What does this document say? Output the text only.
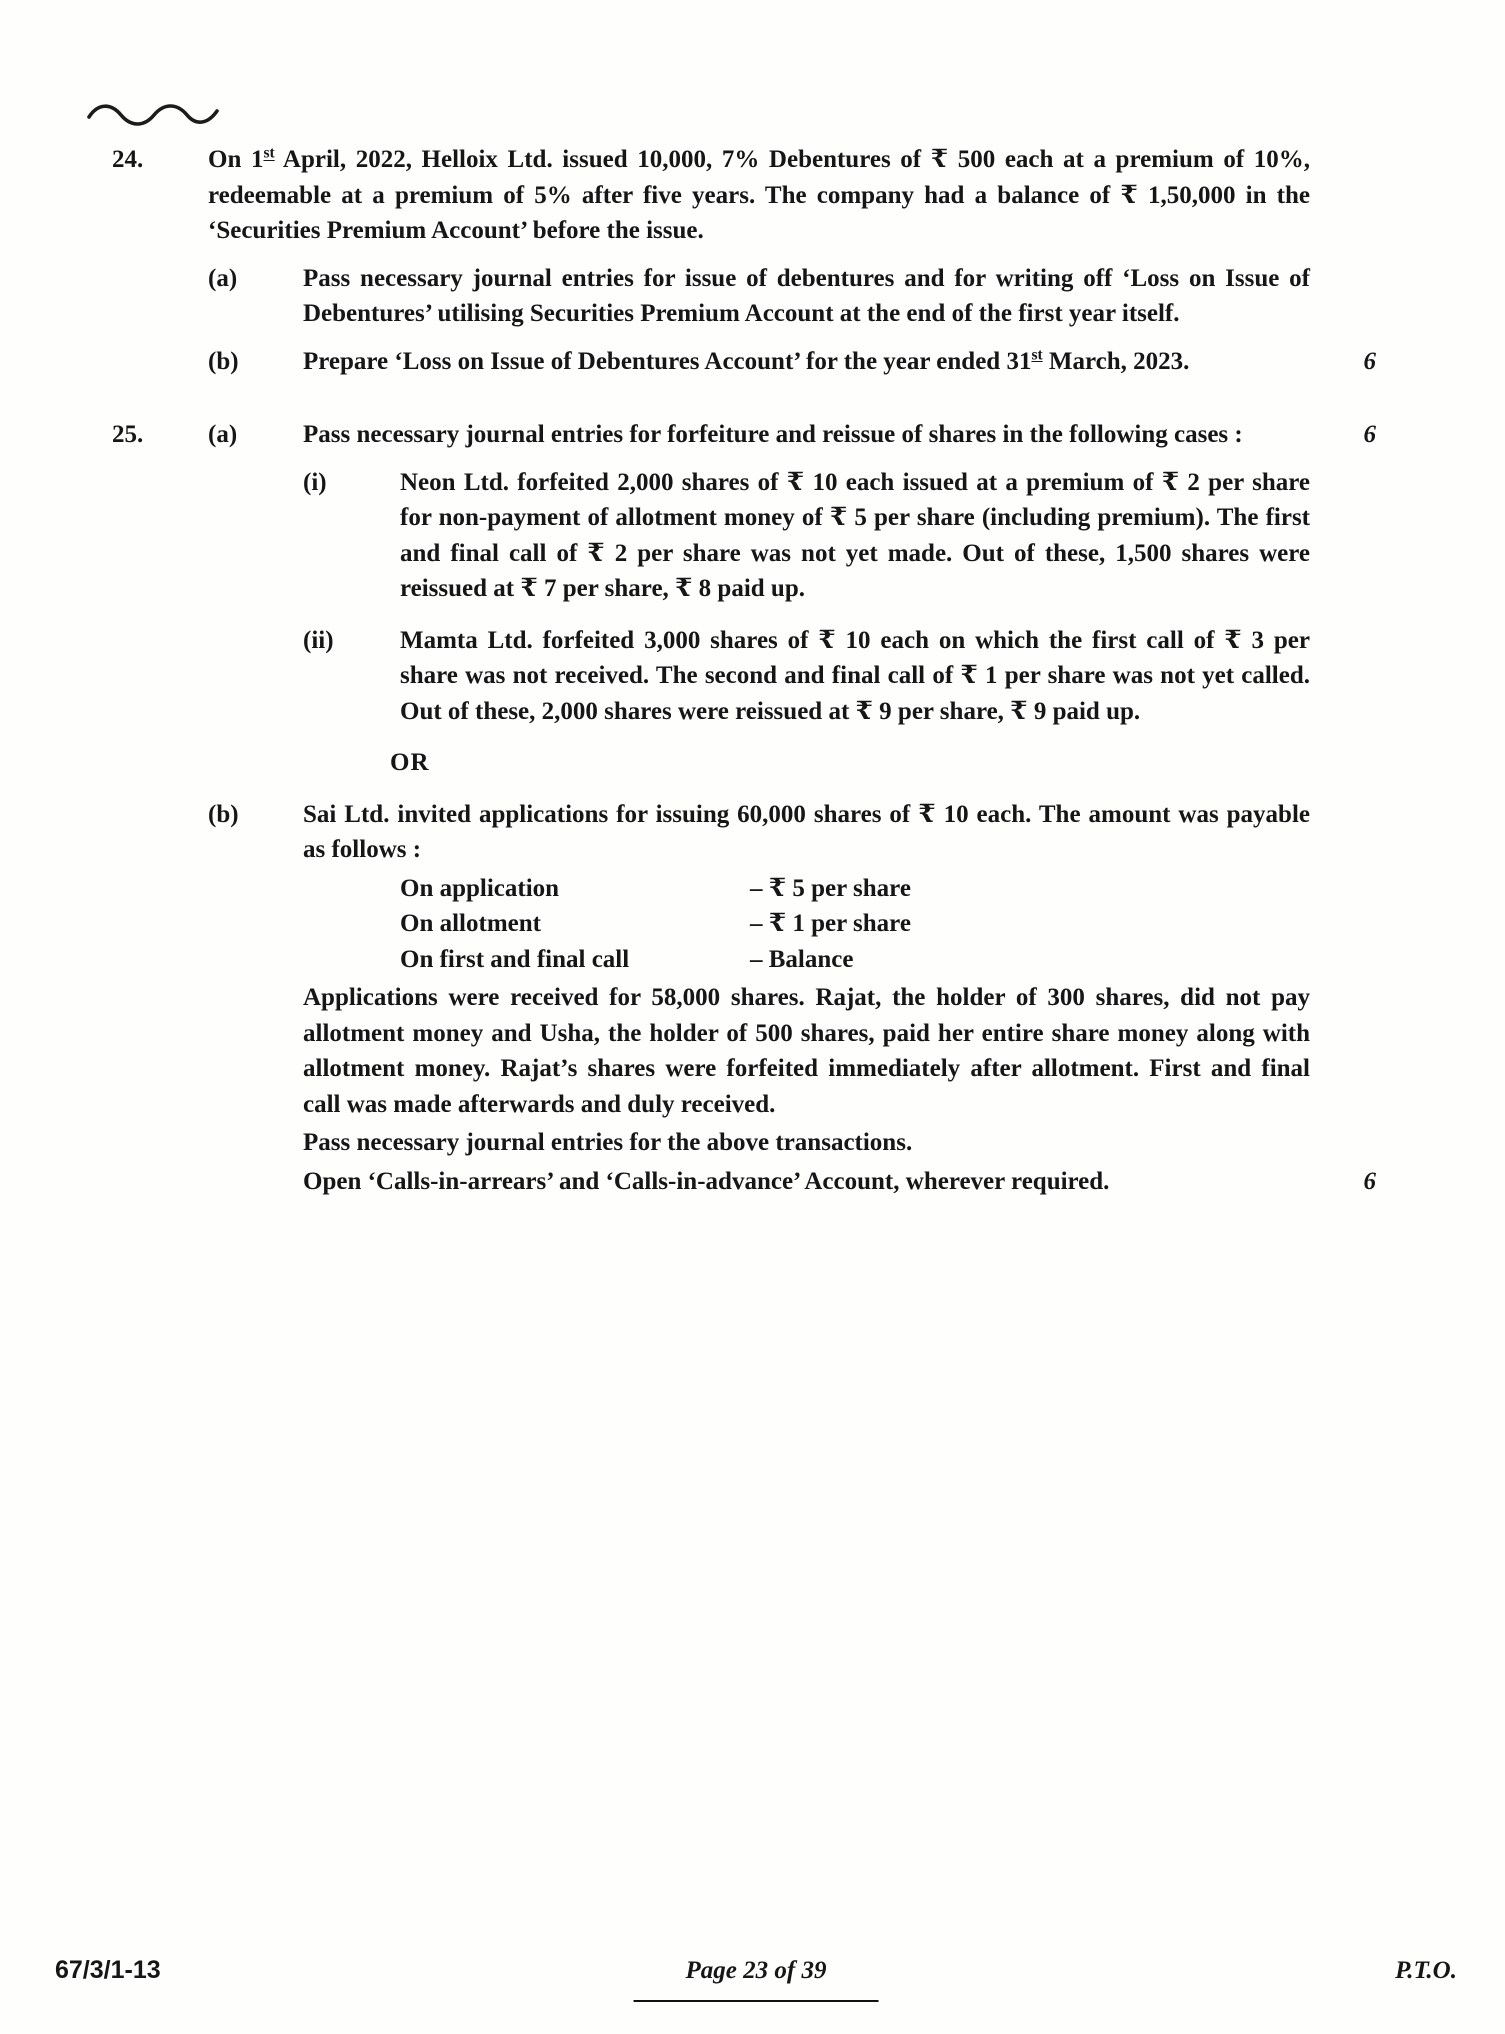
24.	On 1st April, 2022, Helloix Ltd. issued 10,000, 7% Debentures of ₹ 500 each at a premium of 10%, redeemable at a premium of 5% after five years. The company had a balance of ₹ 1,50,000 in the ‘Securities Premium Account’ before the issue.

(a)	Pass necessary journal entries for issue of debentures and for writing off ‘Loss on Issue of Debentures’ utilising Securities Premium Account at the end of the first year itself.

(b)	Prepare ‘Loss on Issue of Debentures Account’ for the year ended 31st March, 2023.	6
25.	(a)	Pass necessary journal entries for forfeiture and reissue of shares in the following cases :	6
(i)	Neon Ltd. forfeited 2,000 shares of ₹ 10 each issued at a premium of ₹ 2 per share for non-payment of allotment money of ₹ 5 per share (including premium). The first and final call of ₹ 2 per share was not yet made. Out of these, 1,500 shares were reissued at ₹ 7 per share, ₹ 8 paid up.

(ii)	Mamta Ltd. forfeited 3,000 shares of ₹ 10 each on which the first call of ₹ 3 per share was not received. The second and final call of ₹ 1 per share was not yet called. Out of these, 2,000 shares were reissued at ₹ 9 per share, ₹ 9 paid up.

OR

(b)	Sai Ltd. invited applications for issuing 60,000 shares of ₹ 10 each. The amount was payable as follows :

On application	– ₹ 5 per share
On allotment	– ₹ 1 per share
On first and final call	– Balance

Applications were received for 58,000 shares. Rajat, the holder of 300 shares, did not pay allotment money and Usha, the holder of 500 shares, paid her entire share money along with allotment money. Rajat’s shares were forfeited immediately after allotment. First and final call was made afterwards and duly received.

Pass necessary journal entries for the above transactions.

Open ‘Calls-in-arrears’ and ‘Calls-in-advance’ Account, wherever required.	6
67/3/1-13	Page 23 of 39	P.T.O.
